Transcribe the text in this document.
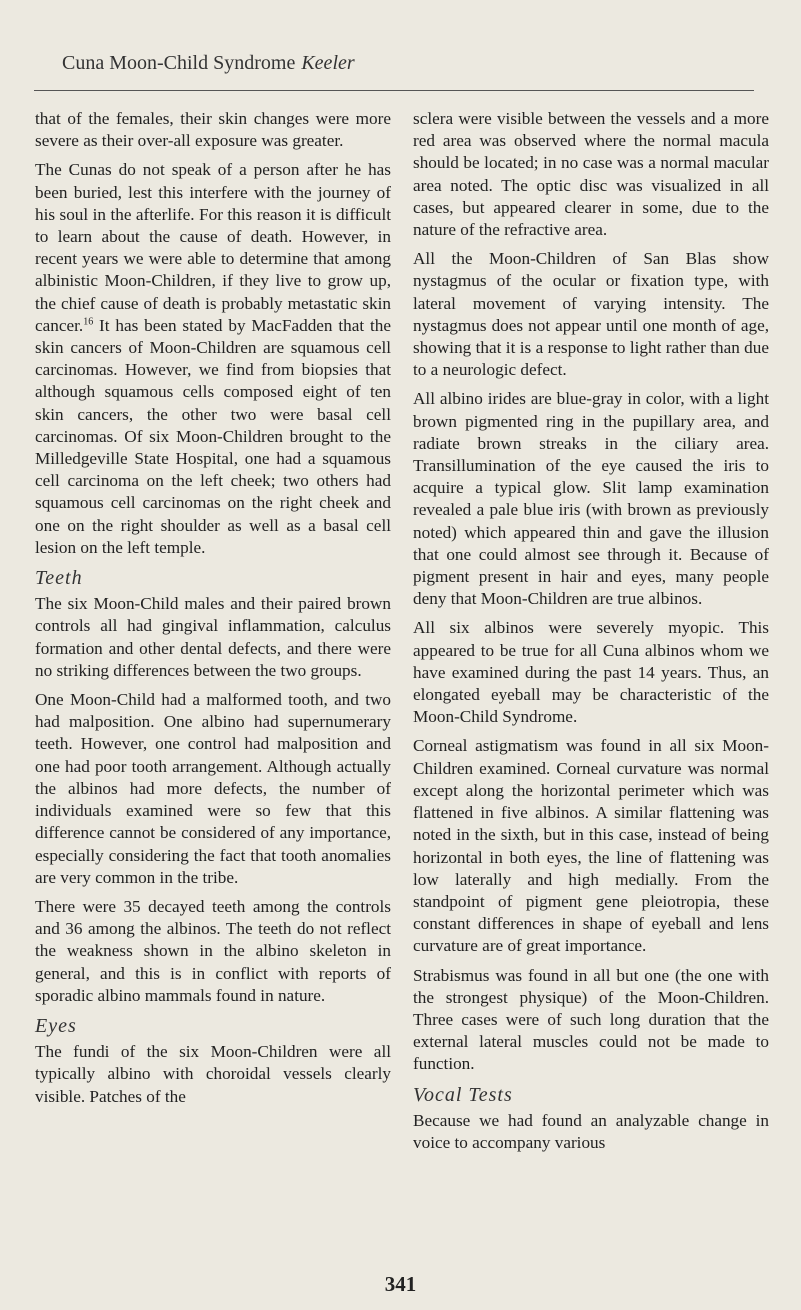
Cuna Moon-Child Syndrome Keeler

that of the females, their skin changes were more severe as their over-all exposure was greater.

The Cunas do not speak of a person after he has been buried, lest this interfere with the journey of his soul in the afterlife. For this reason it is difficult to learn about the cause of death. However, in recent years we were able to determine that among albinistic Moon-Children, if they live to grow up, the chief cause of death is probably metastatic skin cancer.$^{16}$ It has been stated by MacFadden that the skin cancers of Moon-Children are squamous cell carcinomas. However, we find from biopsies that although squamous cells composed eight of ten skin cancers, the other two were basal cell carcinomas. Of six Moon-Children brought to the Milledgeville State Hospital, one had a squamous cell carcinoma on the left cheek; two others had squamous cell carcinomas on the right cheek and one on the right shoulder as well as a basal cell lesion on the left temple.

Teeth

The six Moon-Child males and their paired brown controls all had gingival inflammation, calculus formation and other dental defects, and there were no striking differences between the two groups.

One Moon-Child had a malformed tooth, and two had malposition. One albino had supernumerary teeth. However, one control had malposition and one had poor tooth arrangement. Although actually the albinos had more defects, the number of individuals examined were so few that this difference cannot be considered of any importance, especially considering the fact that tooth anomalies are very common in the tribe.

There were 35 decayed teeth among the controls and 36 among the albinos. The teeth do not reflect the weakness shown in the albino skeleton in general, and this is in conflict with reports of sporadic albino mammals found in nature.

Eyes

The fundi of the six Moon-Children were all typically albino with choroidal vessels clearly visible. Patches of the

sclera were visible between the vessels and a more red area was observed where the normal macula should be located; in no case was a normal macular area noted. The optic disc was visualized in all cases, but appeared clearer in some, due to the nature of the refractive area.

All the Moon-Children of San Blas show nystagmus of the ocular or fixation type, with lateral movement of varying intensity. The nystagmus does not appear until one month of age, showing that it is a response to light rather than due to a neurologic defect.

All albino irides are blue-gray in color, with a light brown pigmented ring in the pupillary area, and radiate brown streaks in the ciliary area. Transillumination of the eye caused the iris to acquire a typical glow. Slit lamp examination revealed a pale blue iris (with brown as previously noted) which appeared thin and gave the illusion that one could almost see through it. Because of pigment present in hair and eyes, many people deny that Moon-Children are true albinos.

All six albinos were severely myopic. This appeared to be true for all Cuna albinos whom we have examined during the past 14 years. Thus, an elongated eyeball may be characteristic of the Moon-Child Syndrome.

Corneal astigmatism was found in all six Moon-Children examined. Corneal curvature was normal except along the horizontal perimeter which was flattened in five albinos. A similar flattening was noted in the sixth, but in this case, instead of being horizontal in both eyes, the line of flattening was low laterally and high medially. From the standpoint of pigment gene pleiotropia, these constant differences in shape of eyeball and lens curvature are of great importance.

Strabismus was found in all but one (the one with the strongest physique) of the Moon-Children. Three cases were of such long duration that the external lateral muscles could not be made to function.

Vocal Tests

Because we had found an analyzable change in voice to accompany various

341
